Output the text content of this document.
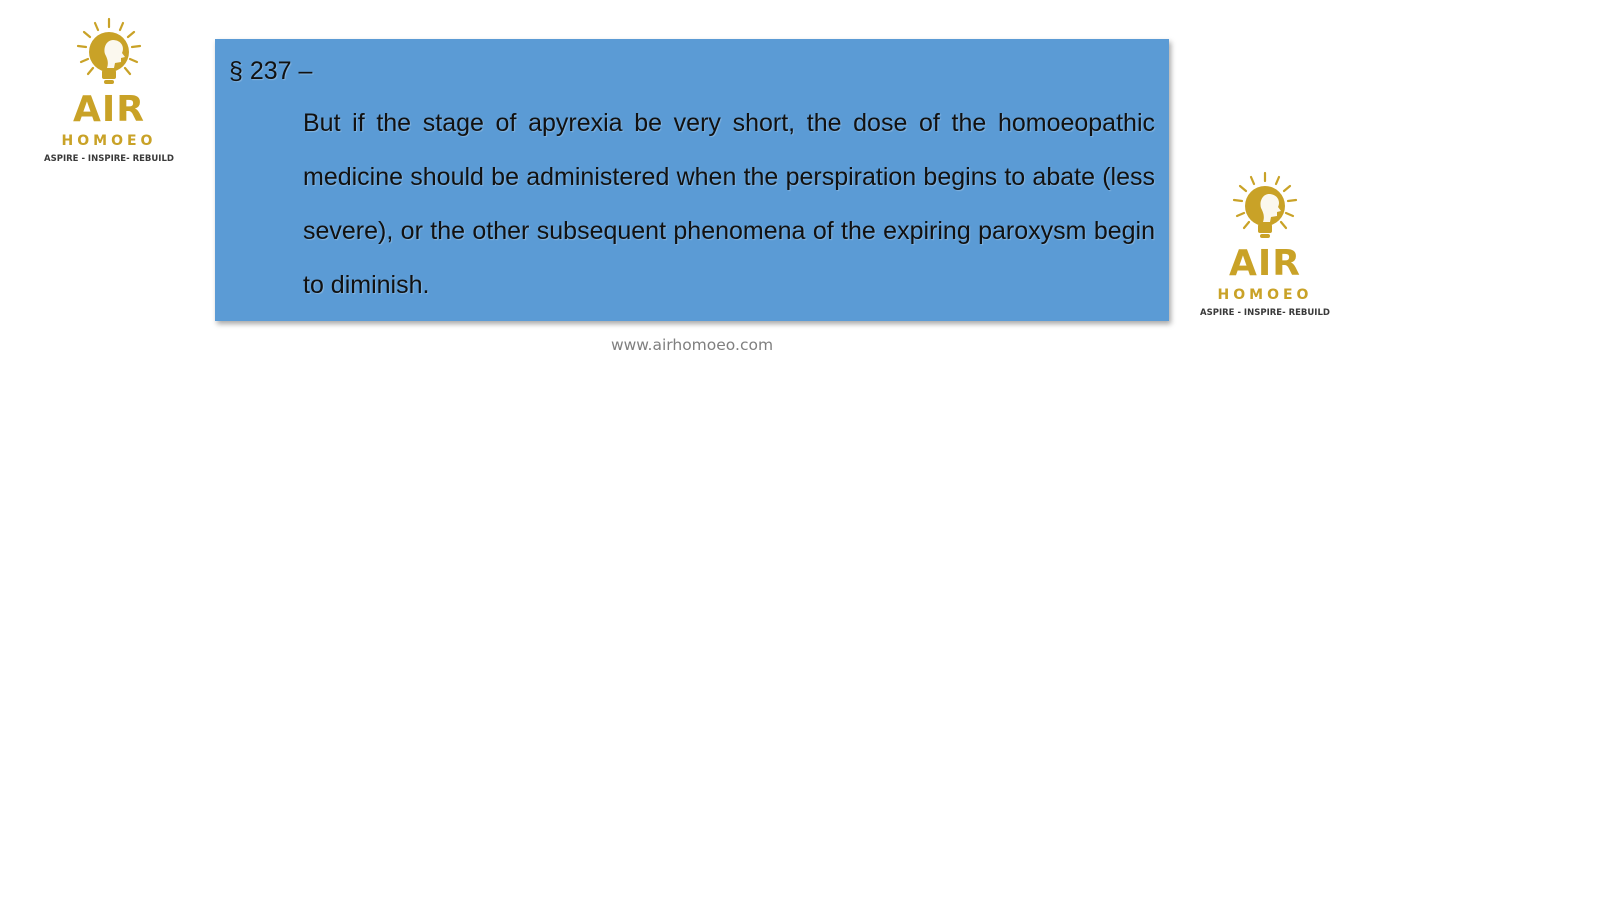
AIR
HOMOEO
ASPIRE - INSPIRE- REBUILD
§ 237 –

But if the stage of apyrexia be very short, the dose of the homoeopathic medicine should be administered when the perspiration begins to abate (less severe), or the other subsequent phenomena of the expiring paroxysm begin to diminish.

www.airhomoeo.com
AIR
HOMOEO
ASPIRE - INSPIRE- REBUILD
